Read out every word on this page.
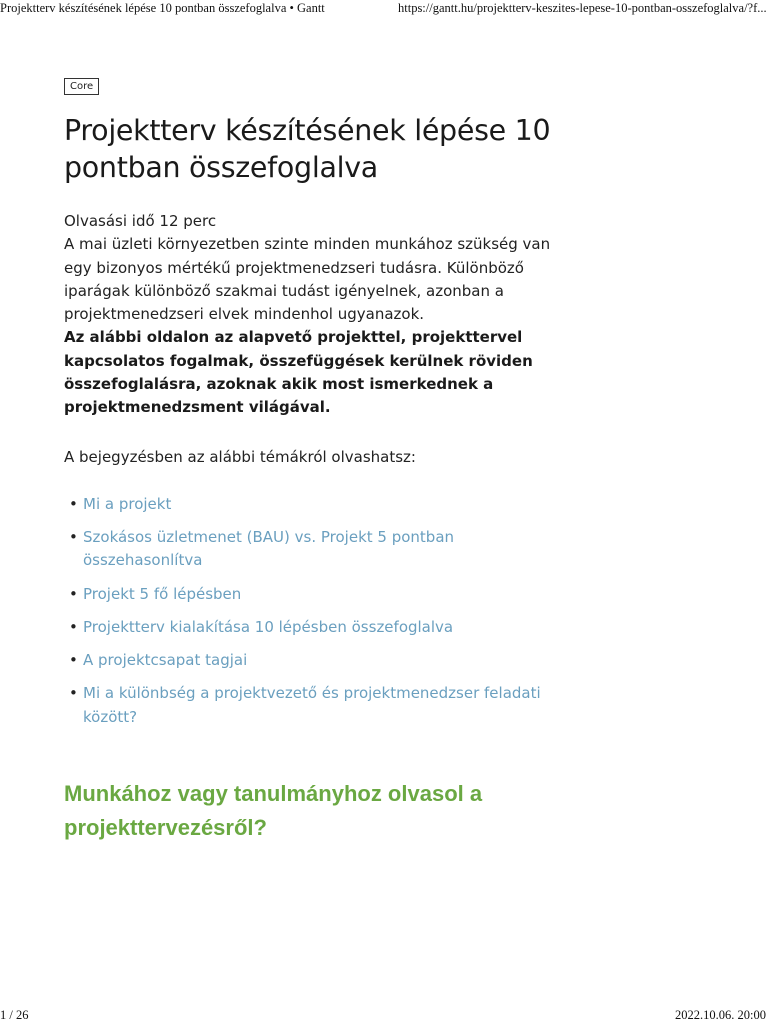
Projektterv készítésének lépése 10 pontban összefoglalva • Gantt	https://gantt.hu/projektterv-keszites-lepese-10-pontban-osszefoglalva/?f...
Core
Projektterv készítésének lépése 10 pontban összefoglalva

Olvasási idő 12 perc

A mai üzleti környezetben szinte minden munkához szükség van egy bizonyos mértékű projektmenedzseri tudásra. Különböző iparágak különböző szakmai tudást igényelnek, azonban a projektmenedzseri elvek mindenhol ugyanazok.

Az alábbi oldalon az alapvető projekttel, projekttervel kapcsolatos fogalmak, összefüggések kerülnek röviden összefoglalásra, azoknak akik most ismerkednek a projektmenedzsment világával.

A bejegyzésben az alábbi témákról olvashatsz:

• Mi a projekt
• Szokásos üzletmenet (BAU) vs. Projekt 5 pontban összehasonlítva
• Projekt 5 fő lépésben
• Projektterv kialakítása 10 lépésben összefoglalva
• A projektcsapat tagjai
• Mi a különbség a projektvezető és projektmenedzser feladati között?
Munkához vagy tanulmányhoz olvasol a projekttervezésről?
1 / 26	2022.10.06. 20:00
